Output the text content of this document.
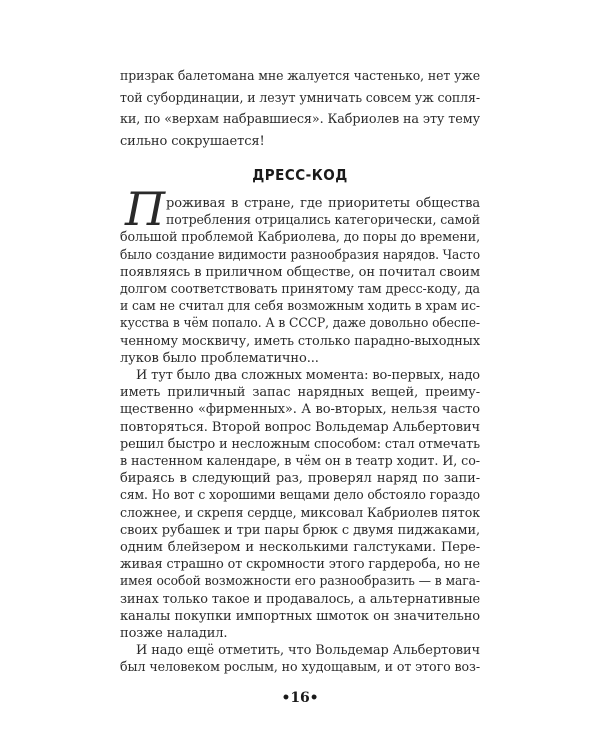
призрак балетомана мне жалуется частенько, нет уже
той субординации, и лезут умничать совсем уж сопля-
ки, по «верхам набравшиеся». Кабриолев на эту тему
сильно сокрушается!
ДРЕСС-КОД
П роживая в стране, где приоритеты общества
потребления отрицались категорически, самой
большой проблемой Кабриолева, до поры до времени,
было создание видимости разнообразия нарядов. Часто
появляясь в приличном обществе, он почитал своим
долгом соответствовать принятому там дресс-коду, да
и сам не считал для себя возможным ходить в храм ис-
кусства в чём попало. А в СССР, даже довольно обеспе-
ченному москвичу, иметь столько парадно-выходных
луков было проблематично...
И тут было два сложных момента: во-первых, надо
иметь приличный запас нарядных вещей, преиму-
щественно «фирменных». А во-вторых, нельзя часто
повторяться. Второй вопрос Вольдемар Альбертович
решил быстро и несложным способом: стал отмечать
в настенном календаре, в чём он в театр ходит. И, со-
бираясь в следующий раз, проверял наряд по запи-
сям. Но вот с хорошими вещами дело обстояло гораздо
сложнее, и скрепя сердце, миксовал Кабриолев пяток
своих рубашек и три пары брюк с двумя пиджаками,
одним блейзером и несколькими галстуками. Пере-
живая страшно от скромности этого гардероба, но не
•16•
имея особой возможности его разнообразить — в мага-
зинах только такое и продавалось, а альтернативные
каналы покупки импортных шмоток он значительно
позже наладил.
И надо ещё отметить, что Вольдемар Альбертович
был человеком рослым, но худощавым, и от этого воз-
